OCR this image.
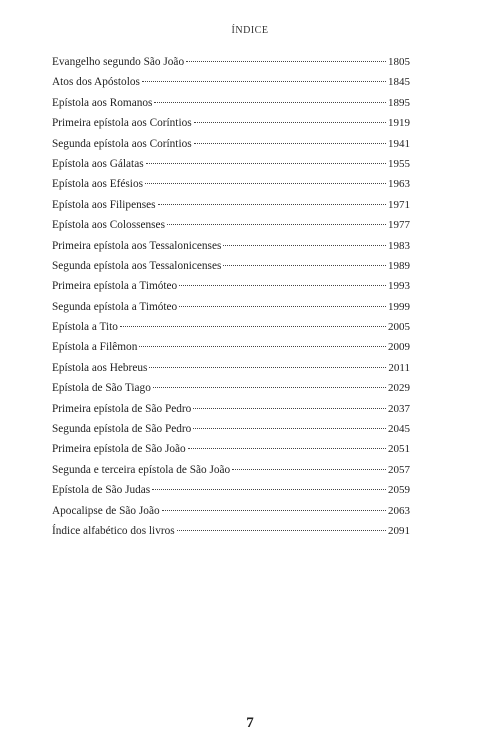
ÍNDICE
Evangelho segundo São João	1805
Atos dos Apóstolos	1845
Epístola aos Romanos	1895
Primeira epístola aos Coríntios	1919
Segunda epístola aos Coríntios	1941
Epístola aos Gálatas	1955
Epístola aos Efésios	1963
Epístola aos Filipenses	1971
Epístola aos Colossenses	1977
Primeira epístola aos Tessalonicenses	1983
Segunda epístola aos Tessalonicenses	1989
Primeira epístola a Timóteo	1993
Segunda epístola a Timóteo	1999
Epístola a Tito	2005
Epístola a Filêmon	2009
Epístola aos Hebreus	2011
Epístola de São Tiago	2029
Primeira epístola de São Pedro	2037
Segunda epístola de São Pedro	2045
Primeira epístola de São João	2051
Segunda e terceira epístola de São João	2057
Epístola de São Judas	2059
Apocalipse de São João	2063
Índice alfabético dos livros	2091
7
